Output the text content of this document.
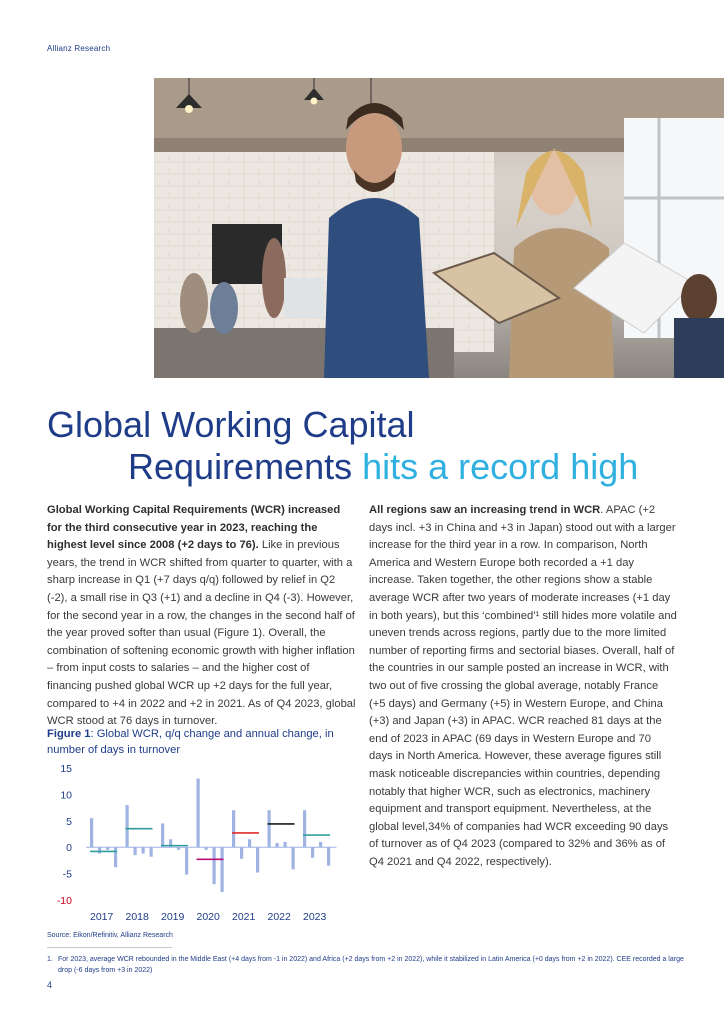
Allianz Research
Global Working Capital
Requirements hits a record high

Global Working Capital Requirements (WCR) increased for the third consecutive year in 2023, reaching the highest level since 2008 (+2 days to 76). Like in previous years, the trend in WCR shifted from quarter to quarter, with a sharp increase in Q1 (+7 days q/q) followed by relief in Q2 (-2), a small rise in Q3 (+1) and a decline in Q4 (-3). However, for the second year in a row, the changes in the second half of the year proved softer than usual (Figure 1). Overall, the combination of softening economic growth with higher inflation – from input costs to salaries – and the higher cost of financing pushed global WCR up +2 days for the full year, compared to +4 in 2022 and +2 in 2021. As of Q4 2023, global WCR stood at 76 days in turnover.

All regions saw an increasing trend in WCR. APAC (+2 days incl. +3 in China and +3 in Japan) stood out with a larger increase for the third year in a row. In comparison, North America and Western Europe both recorded a +1 day increase. Taken together, the other regions show a stable average WCR after two years of moderate increases (+1 day in both years), but this ‘combined’¹ still hides more volatile and uneven trends across regions, partly due to the more limited number of reporting firms and sectorial biases. Overall, half of the countries in our sample posted an increase in WCR, with two out of five crossing the global average, notably France (+5 days) and Germany (+5) in Western Europe, and China (+3) and Japan (+3) in APAC. WCR reached 81 days at the end of 2023 in APAC (69 days in Western Europe and 70 days in North America. However, these average figures still mask noticeable discrepancies within countries, depending notably that higher WCR, such as electronics, machinery equipment and transport equipment. Nevertheless, at the global level,34% of companies had WCR exceeding 90 days of turnover as of Q4 2023 (compared to 32% and 36% as of Q4 2021 and Q4 2022, respectively).

Figure 1: Global WCR, q/q change and annual change, in number of days in turnover
15
10
5
0
-5
-10
2017 2018 2019 2020 2021 2022 2023
Source: Eikon/Refinitiv, Allianz Research
1. For 2023, average WCR rebounded in the Middle East (+4 days from -1 in 2022) and Africa (+2 days from +2 in 2022), while it stabilized in Latin America (+0 days from +2 in 2022). CEE recorded a large drop (-6 days from +3 in 2022)
4
